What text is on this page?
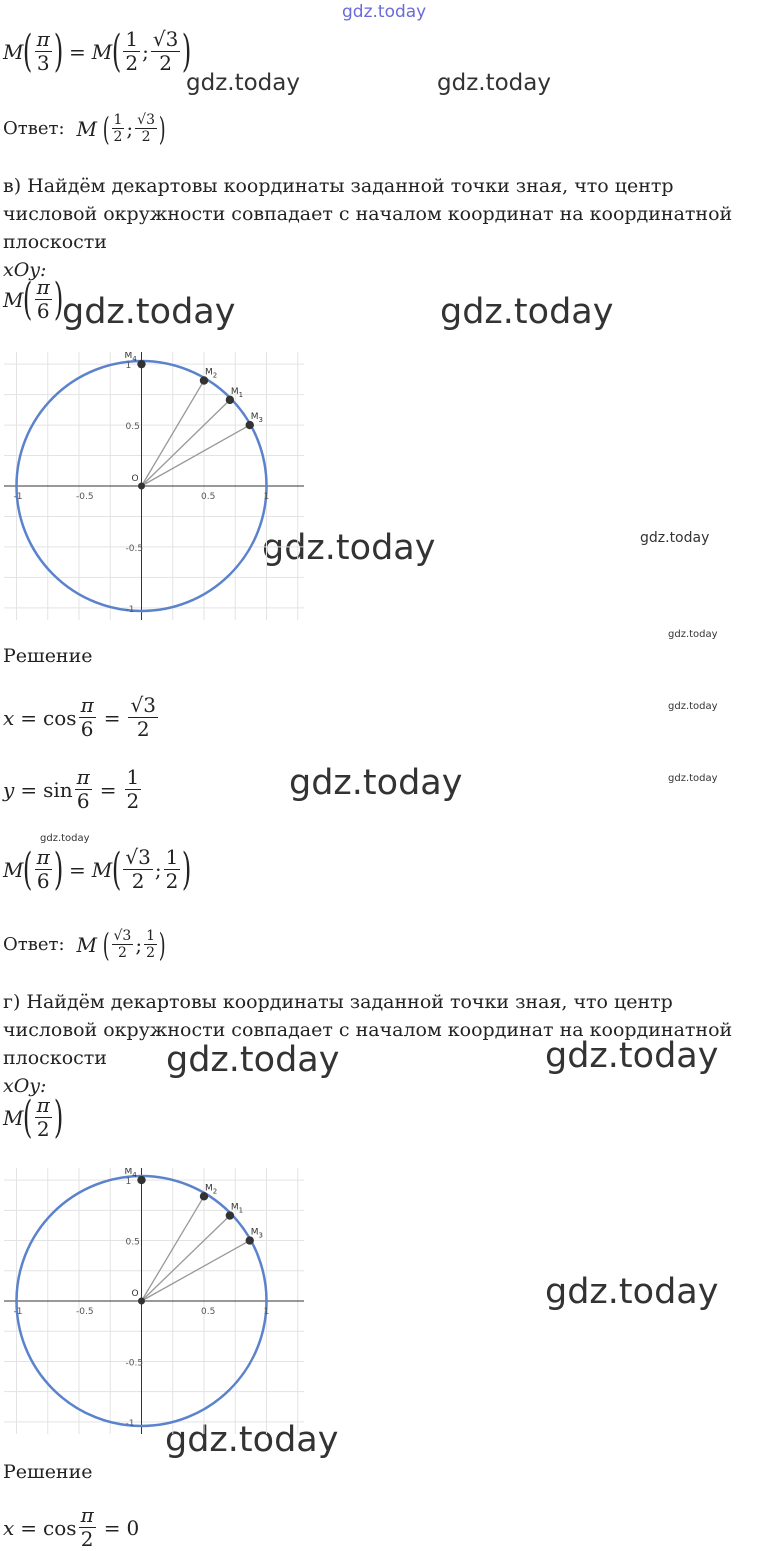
gdz.today
gdz.today	gdz.today
gdz.today	gdz.today
gdz.today	gdz.today
gdz.today
gdz.today
gdz.today
gdz.today
gdz.today
gdz.today	gdz.today
gdz.today
gdz.today
M ( $\frac{\pi}{3}$ ) = M ( $\frac{1}{2}$ ; $\frac{√3}{2}$ )
Ответ: M ( $\frac{1}{2}$ ; $\frac{√3}{2}$ )
в) Найдём декартовы координаты заданной точки зная, что центр числовой окружности совпадает с началом координат на координатной плоскости
xOy:
M ( $\frac{\pi}{6}$ )
-1	-0.5	0.5	1
-1
-0.5
0.5
1
O
$M_1$
$M_2$
$M_3$
$M_4$
Решение
$x = \cos \frac{\pi}{6} = \frac{√3}{2}$
$y = \sin \frac{\pi}{6} = \frac{1}{2}$
M ( $\frac{\pi}{6}$ ) = M ( $\frac{√3}{2}$ ; $\frac{1}{2}$ )
Ответ: M ( $\frac{√3}{2}$ ; $\frac{1}{2}$ )
г) Найдём декартовы координаты заданной точки зная, что центр числовой окружности совпадает с началом координат на координатной плоскости
xOy:
M ( $\frac{\pi}{2}$ )
-1	-0.5	0.5	1
-1
-0.5
0.5
1
O
$M_1$
$M_2$
$M_3$
$M_4$
Решение
$x = \cos \frac{\pi}{2} = 0$
